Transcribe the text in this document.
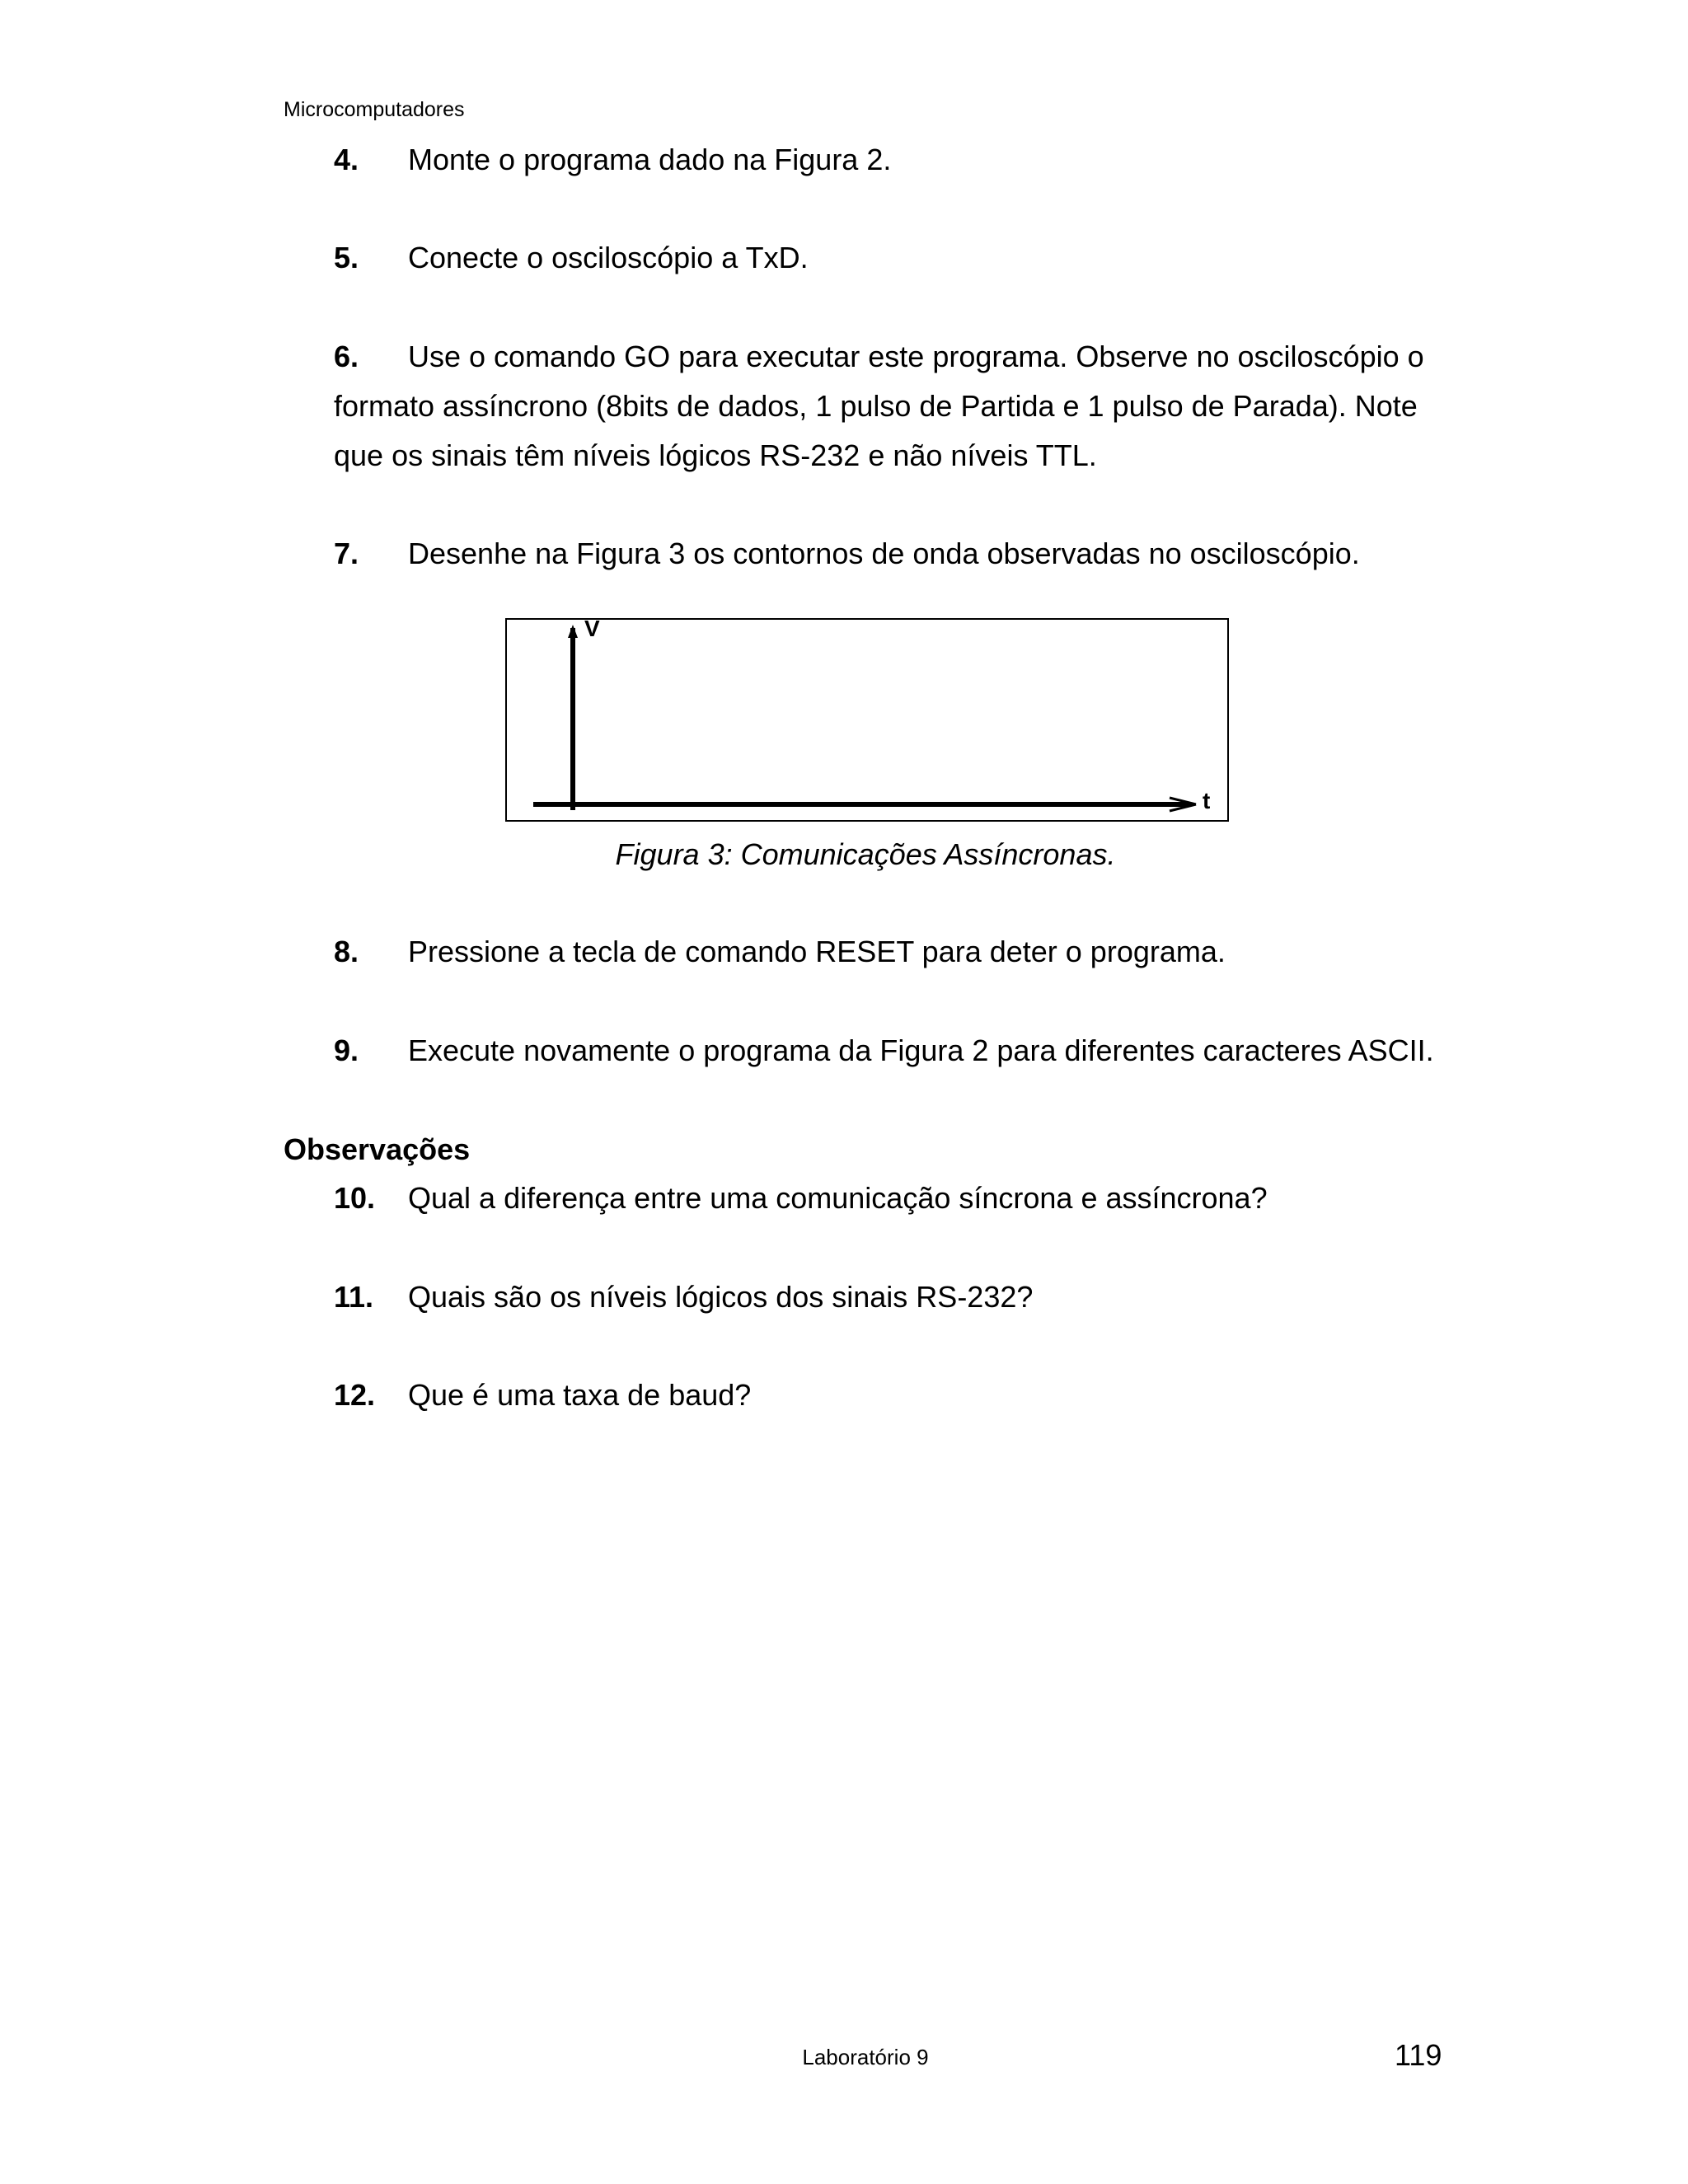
Microcomputadores
4.	Monte o programa dado na Figura 2.
5.	Conecte o osciloscópio a TxD.
6.	Use o comando GO para executar este programa. Observe no osciloscópio o
formato assíncrono (8bits de dados, 1 pulso de Partida e 1 pulso de Parada). Note
que os sinais têm níveis lógicos RS-232 e não níveis TTL.
7.	Desenhe na Figura 3 os contornos de onda observadas no osciloscópio.
V
t
Figura 3: Comunicações Assíncronas.
8.	Pressione a tecla de comando RESET para deter o programa.
9.	Execute novamente o programa da Figura 2 para diferentes caracteres ASCII.
Observações
10.	Qual a diferença entre uma comunicação síncrona e assíncrona?
11.	Quais são os níveis lógicos dos sinais RS-232?
12.	Que é uma taxa de baud?
Laboratório 9	119
